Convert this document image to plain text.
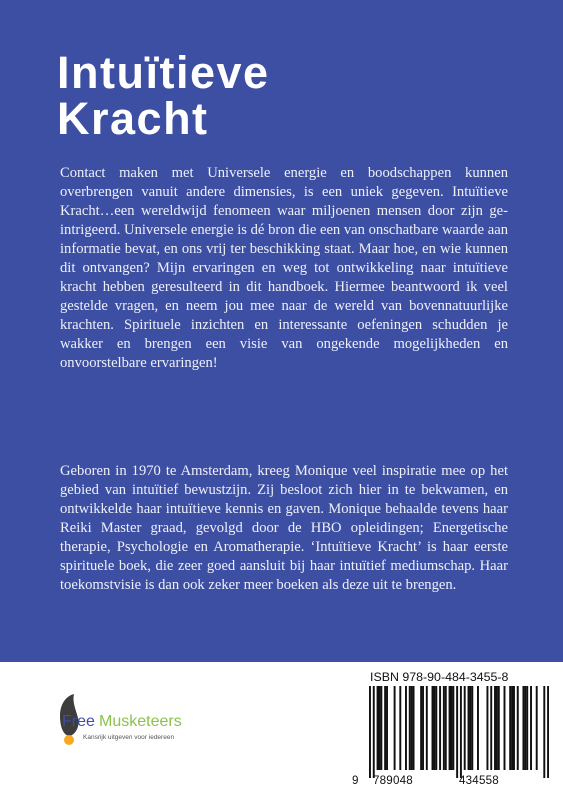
Intuïtieve
Kracht

Contact maken met Universele energie en boodschappen kunnen overbrengen vanuit andere dimensies, is een uniek gegeven. Intuïtieve Kracht…een wereldwijd fenomeen waar miljoenen mensen door zijn geintrigeerd. Universele energie is dé bron die een van onschatbare waarde aan informatie bevat, en ons vrij ter beschikking staat. Maar hoe, en wie kunnen dit ontvangen? Mijn ervaringen en weg tot ontwikkeling naar intuïtieve kracht hebben geresulteerd in dit handboek. Hiermee beantwoord ik veel gestelde vragen, en neem jou mee naar de wereld van bovennatuurlijke krachten. Spirituele inzichten en interessante oefeningen schudden je wakker en brengen een visie van ongekende mogelijkheden en onvoorstelbare ervaringen!

Geboren in 1970 te Amsterdam, kreeg Monique veel inspiratie mee op het gebied van intuïtief bewustzijn. Zij besloot zich hier in te bekwamen, en ontwikkelde haar intuïtieve kennis en gaven. Monique behaalde tevens haar Reiki Master graad, gevolgd door de HBO opleidingen; Energetische therapie, Psychologie en Aromatherapie. ‘Intuïtieve Kracht’ is haar eerste spirituele boek, die zeer goed aansluit bij haar intuïtief mediumschap. Haar toekomstvisie is dan ook zeker meer boeken als deze uit te brengen.

Free Musketeers
Kansrijk uitgeven voor iedereen
ISBN 978-90-484-3455-8
9 789048	434558
